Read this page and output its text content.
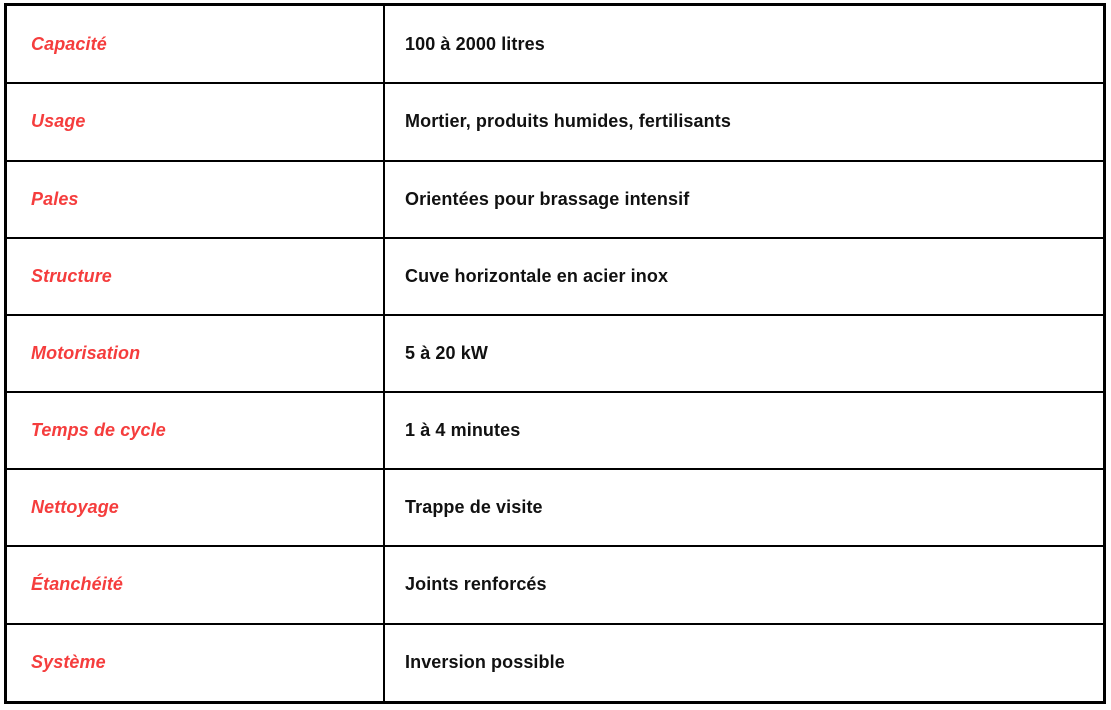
Capacité	100 à 2000 litres
Usage	Mortier, produits humides, fertilisants
Pales	Orientées pour brassage intensif
Structure	Cuve horizontale en acier inox
Motorisation	5 à 20 kW
Temps de cycle	1 à 4 minutes
Nettoyage	Trappe de visite
Étanchéité	Joints renforcés
Système	Inversion possible
